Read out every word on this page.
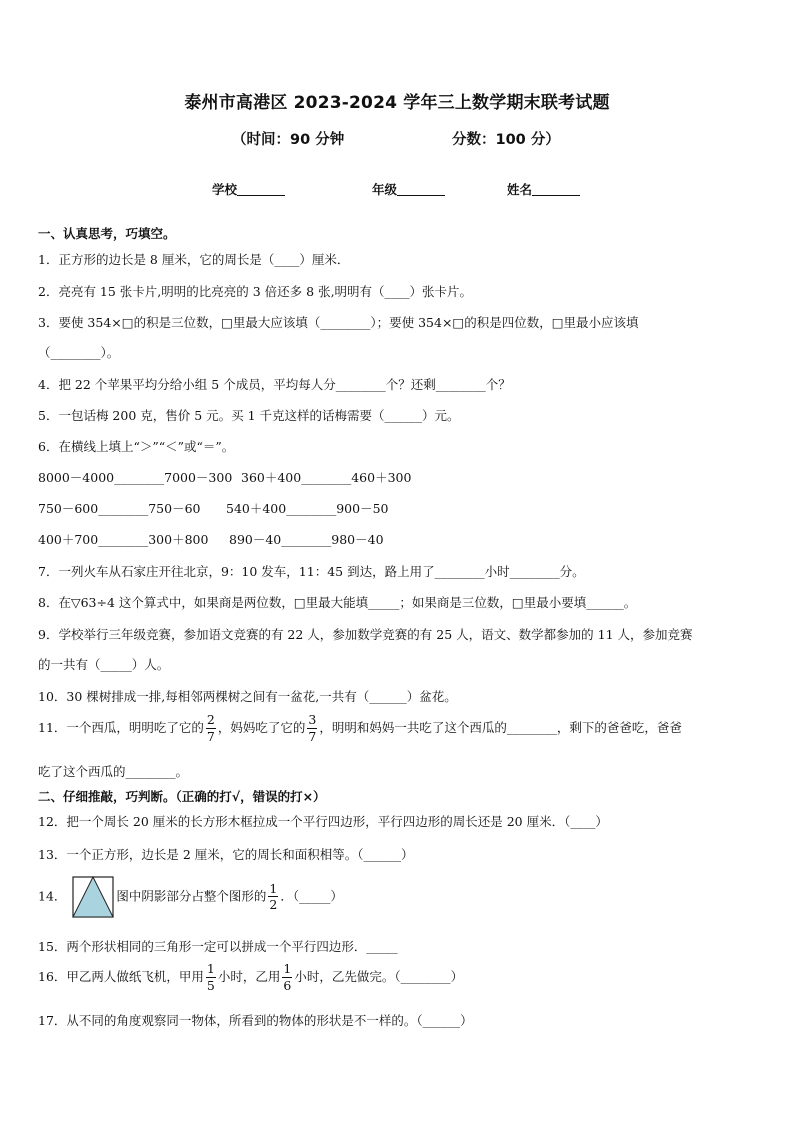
泰州市高港区 2023-2024 学年三上数学期末联考试题
（时间：90 分钟	分数：100 分）
学校	年级	姓名
一、认真思考，巧填空。
1．正方形的边长是 8 厘米，它的周长是（____）厘米．
2．亮亮有 15 张卡片,明明的比亮亮的 3 倍还多 8 张,明明有（____）张卡片。
3．要使 354×□的积是三位数，□里最大应该填（________）；要使 354×□的积是四位数，□里最小应该填
（________）。
4．把 22 个苹果平均分给小组 5 个成员，平均每人分________个？还剩________个？
5．一包话梅 200 克，售价 5 元。买 1 千克这样的话梅需要（______）元。
6．在横线上填上“＞”“＜”或“＝”。
8000－4000________7000－300 360＋400________460＋300
750－600________750－60 540＋400________900－50
400＋700________300＋800 890－40________980－40
7．一列火车从石家庄开往北京，9：10 发车，11：45 到达，路上用了________小时________分。
8．在▽63÷4 这个算式中，如果商是两位数，□里最大能填_____；如果商是三位数，□里最小要填______。
9．学校举行三年级竞赛，参加语文竞赛的有 22 人，参加数学竞赛的有 25 人，语文、数学都参加的 11 人，参加竞赛
的一共有（_____）人。
10．30 棵树排成一排,每相邻两棵树之间有一盆花,一共有（______）盆花。
11．一个西瓜，明明吃了它的 $\frac{2}{7}$ ，妈妈吃了它的 $\frac{3}{7}$ ，明明和妈妈一共吃了这个西瓜的________，剩下的爸爸吃，爸爸
吃了这个西瓜的________。
二、仔细推敲，巧判断。（正确的打√，错误的打×）
12．把一个周长 20 厘米的长方形木框拉成一个平行四边形，平行四边形的周长还是 20 厘米．（____）
13．一个正方形，边长是 2 厘米，它的周长和面积相等。（______）
14．	图中阴影部分占整个图形的 $\frac{1}{2}$ ．（_____）
15．两个形状相同的三角形一定可以拼成一个平行四边形．_____
16．甲乙两人做纸飞机，甲用 $\frac{1}{5}$ 小时，乙用 $\frac{1}{6}$ 小时，乙先做完。（________）
17．从不同的角度观察同一物体，所看到的物体的形状是不一样的。（______）
